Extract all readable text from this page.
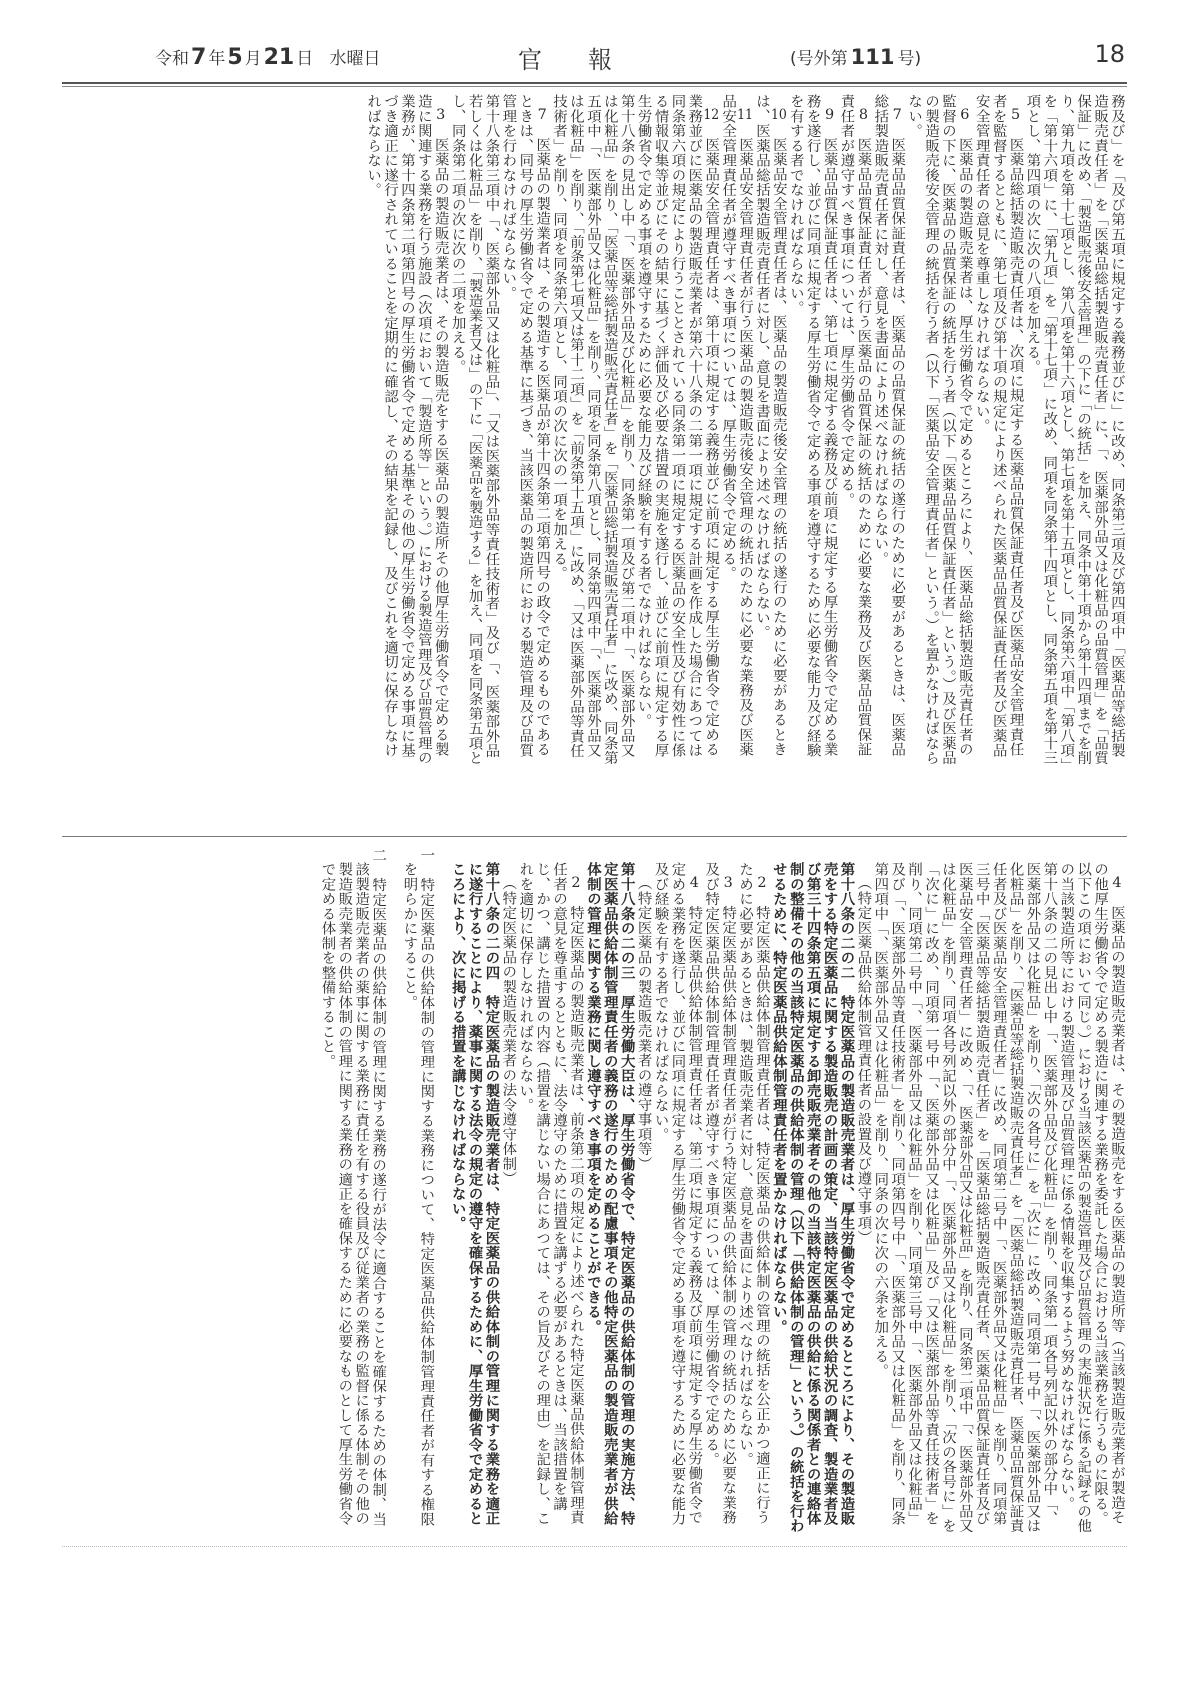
令和7 年5 月21 日 水曜日	官報	(号外第 111 号)	18

務及び」を「及び第五項に規定する義務並びに」に改め、同条第三項及び第四項中「医薬品等総括製造販売責任者」を「医薬品総括製造販売責任者」に、「、医薬部外品又は化粧品の品質管理」を「品質保証」に改め、「製造販売後安全管理」の下に「の統括」を加え、同条中第十項から第十四項までを削り、第九項を第十七項とし、第八項を第十六項とし、第七項を第十五項とし、同条第六項中「第八項」を「第十六項」に、「第九項」を「第十七項」に改め、同項を同条第十四項とし、同条第五項を第十三項とし、第四項の次に次の八項を加える。

5　医薬品総括製造販売責任者は、次項に規定する医薬品品質保証責任者及び医薬品安全管理責任者を監督するとともに、第七項及び第十項の規定により述べられた医薬品品質保証責任者及び医薬品安全管理責任者の意見を尊重しなければならない。

6　医薬品の製造販売業者は、厚生労働省令で定めるところにより、医薬品総括製造販売責任者の監督の下に、医薬品の品質保証の統括を行う者（以下「医薬品品質保証責任者」という。）及び医薬品の製造販売後安全管理の統括を行う者（以下「医薬品安全管理責任者」という。）を置かなければならない。

7　医薬品品質保証責任者は、医薬品の品質保証の統括の遂行のために必要があるときは、医薬品総括製造販売責任者に対し、意見を書面により述べなければならない。

8　医薬品品質保証責任者が行う医薬品の品質保証の統括のために必要な業務及び医薬品品質保証責任者が遵守すべき事項については、厚生労働省令で定める。

9　医薬品品質保証責任者は、第七項に規定する義務及び前項に規定する厚生労働省令で定める業務を遂行し、並びに同項に規定する厚生労働省令で定める事項を遵守するために必要な能力及び経験を有する者でなければならない。

10　医薬品安全管理責任者は、医薬品の製造販売後安全管理の統括の遂行のために必要があるときは、医薬品総括製造販売責任者に対し、意見を書面により述べなければならない。

11　医薬品安全管理責任者が行う医薬品の製造販売後安全管理の統括のために必要な業務及び医薬品安全管理責任者が遵守すべき事項については、厚生労働省令で定める。

12　医薬品安全管理責任者は、第十項に規定する義務並びに前項に規定する厚生労働省令で定める業務並びに医薬品の製造販売業者が第六十八条の二第一項に規定する計画を作成した場合にあつては同条第六項の規定により行うこととされている同条第一項に規定する医薬品の安全性及び有効性に係る情報収集等並びにその結果に基づく評価及び必要な措置の実施を遂行し、並びに前項に規定する厚生労働省令で定める事項を遵守するために必要な能力及び経験を有する者でなければならない。

第十八条の見出し中「、医薬部外品及び化粧品」を削り、同条第一項及び第二項中「、医薬部外品又は化粧品」を削り、「医薬品等総括製造販売責任者」を「医薬品総括製造販売責任者」に改め、同条第五項中「、医薬部外品又は化粧品」を削り、同項を同条第八項とし、同条第四項中「、医薬部外品又は化粧品」を削り、「前条第七項又は第十二項」を「前条第十五項」に改め、「又は医薬部外品等責任技術者」を削り、同項を同条第六項とし、同項の次に次の一項を加える。

7　医薬品の製造業者は、その製造する医薬品が第十四条第二項第四号の政令で定めるものであるときは、同号の厚生労働省令で定める基準に基づき、当該医薬品の製造所における製造管理及び品質管理を行わなければならない。

第十八条第三項中「、医薬部外品又は化粧品」、「又は医薬部外品等責任技術者」及び「、医薬部外品若しくは化粧品」を削り、「製造業者又は」の下に「医薬品を製造する」を加え、同項を同条第五項とし、同条第二項の次に次の二項を加える。

3　医薬品の製造販売業者は、その製造販売をする医薬品の製造所その他厚生労働省令で定める製造に関連する業務を行う施設（次項において「製造所等」という。）における製造管理及び品質管理の業務が、第十四条第二項第四号の厚生労働省令で定める基準その他の厚生労働省令で定める事項に基づき適正に遂行されていることを定期的に確認し、その結果を記録し、及びこれを適切に保存しなければならない。

4　医薬品の製造販売業者は、その製造販売をする医薬品の製造所等（当該製造販売業者が製造その他厚生労働省令で定める製造に関連する業務を委託した場合における当該業務を行うものに限る。以下この項において同じ。）における当該医薬品の製造管理及び品質管理の実施状況に係る記録その他の当該製造所等における製造管理及び品質管理に係る情報を収集するよう努めなければならない。

第十八条の二の見出し中「、医薬部外品及び化粧品」を削り、同条第一項各号列記以外の部分中「、医薬部外品又は化粧品」を削り、「次の各号に」を「次に」に改め、同項第一号中「、医薬部外品又は化粧品」を削り、「医薬品等総括製造販売責任者」を「医薬品総括製造販売責任者、医薬品品質保証責任者及び医薬品安全管理責任者」に改め、同項第二号中「、医薬部外品又は化粧品」を削り、同項第三号中「医薬品等総括製造販売責任者」を「医薬品総括製造販売責任者、医薬品品質保証責任者及び医薬品安全管理責任者」に改め、「、医薬部外品又は化粧品」を削り、同条第二項中「、医薬部外品又は化粧品」を削り、同項各号列記以外の部分中「、医薬部外品又は化粧品」を削り、「次の各号に」を「次に」に改め、同項第一号中「、医薬部外品又は化粧品」及び「又は医薬部外品等責任技術者」を削り、同項第二号中「、医薬部外品又は化粧品」を削り、同項第三号中「、医薬部外品又は化粧品」及び「、医薬部外品等責任技術者」を削り、同項第四号中「、医薬部外品又は化粧品」を削り、同条第四項中「、医薬部外品又は化粧品」を削り、同条の次に次の六条を加える。

（特定医薬品供給体制管理責任者の設置及び遵守事項）

第十八条の二の二　特定医薬品の製造販売業者は、厚生労働省令で定めるところにより、その製造販売をする特定医薬品に関する製造販売の計画の策定、当該特定医薬品の供給状況の調査、製造業者及び第三十四条第五項に規定する卸売販売業者その他の当該特定医薬品の供給に係る関係者との連絡体制の整備その他の当該特定医薬品の供給体制の管理（以下「供給体制の管理」という。）の統括を行わせるために、特定医薬品供給体制管理責任者を置かなければならない。

2　特定医薬品供給体制管理責任者は、特定医薬品の供給体制の管理の統括を公正かつ適正に行うために必要があるときは、製造販売業者に対し、意見を書面により述べなければならない。

3　特定医薬品供給体制管理責任者が行う特定医薬品の供給体制の管理の統括のために必要な業務及び特定医薬品供給体制管理責任者が遵守すべき事項については、厚生労働省令で定める。

4　特定医薬品供給体制管理責任者は、第二項に規定する義務及び前項に規定する厚生労働省令で定める業務を遂行し、並びに同項に規定する厚生労働省令で定める事項を遵守するために必要な能力及び経験を有する者でなければならない。

（特定医薬品の製造販売業者の遵守事項等）

第十八条の二の三　厚生労働大臣は、厚生労働省令で、特定医薬品の供給体制の管理の実施方法、特定医薬品供給体制管理責任者の義務の遂行のための配慮事項その他特定医薬品の製造販売業者が供給体制の管理に関する業務に関し遵守すべき事項を定めることができる。

2　特定医薬品の製造販売業者は、前条第二項の規定により述べられた特定医薬品供給体制管理責任者の意見を尊重するとともに、法令遵守のために措置を講ずる必要があるときは、当該措置を講じ、かつ、講じた措置の内容（措置を講じない場合にあつては、その旨及びその理由）を記録し、これを適切に保存しなければならない。

（特定医薬品の製造販売業者の法令遵守体制）

第十八条の二の四　特定医薬品の製造販売業者は、特定医薬品の供給体制の管理に関する業務を適正に遂行することにより、薬事に関する法令の規定の遵守を確保するために、厚生労働省令で定めるところにより、次に掲げる措置を講じなければならない。

一　特定医薬品の供給体制の管理に関する業務について、特定医薬品供給体制管理責任者が有する権限を明らかにすること。

二　特定医薬品の供給体制の管理に関する業務の遂行が法令に適合することを確保するための体制、当該製造販売業者の薬事に関する業務に責任を有する役員及び従業者の業務の監督に係る体制その他の製造販売業者の供給体制の管理に関する業務の適正を確保するために必要なものとして厚生労働省令で定める体制を整備すること。
